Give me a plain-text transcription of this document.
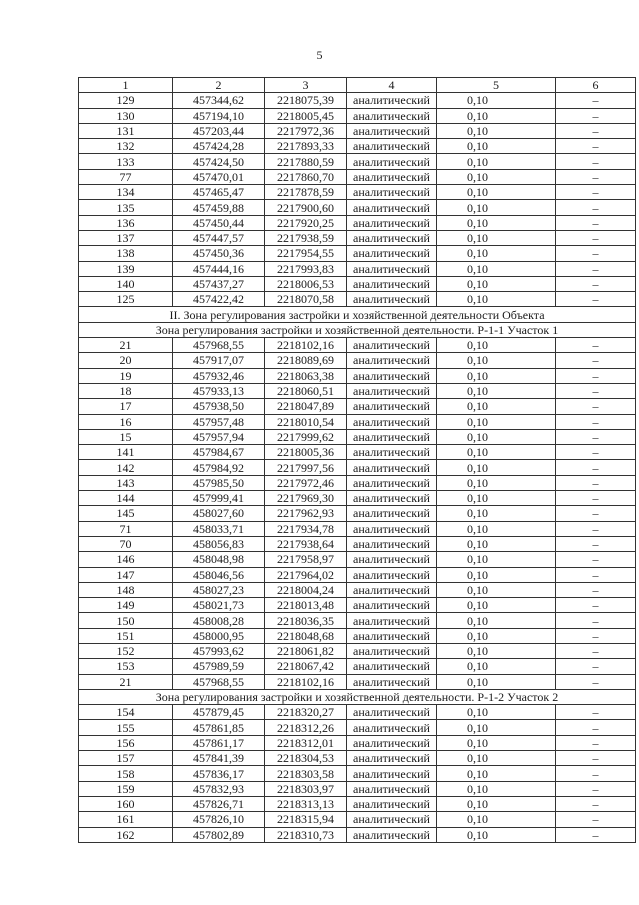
5
1	2	3	4	5	6
129	457344,62	2218075,39	аналитический	0,10	–
130	457194,10	2218005,45	аналитический	0,10	–
131	457203,44	2217972,36	аналитический	0,10	–
132	457424,28	2217893,33	аналитический	0,10	–
133	457424,50	2217880,59	аналитический	0,10	–
77	457470,01	2217860,70	аналитический	0,10	–
134	457465,47	2217878,59	аналитический	0,10	–
135	457459,88	2217900,60	аналитический	0,10	–
136	457450,44	2217920,25	аналитический	0,10	–
137	457447,57	2217938,59	аналитический	0,10	–
138	457450,36	2217954,55	аналитический	0,10	–
139	457444,16	2217993,83	аналитический	0,10	–
140	457437,27	2218006,53	аналитический	0,10	–
125	457422,42	2218070,58	аналитический	0,10	–
II. Зона регулирования застройки и хозяйственной деятельности Объекта					
Зона регулирования застройки и хозяйственной деятельности. Р-1-1 Участок 1					
21	457968,55	2218102,16	аналитический	0,10	–
20	457917,07	2218089,69	аналитический	0,10	–
19	457932,46	2218063,38	аналитический	0,10	–
18	457933,13	2218060,51	аналитический	0,10	–
17	457938,50	2218047,89	аналитический	0,10	–
16	457957,48	2218010,54	аналитический	0,10	–
15	457957,94	2217999,62	аналитический	0,10	–
141	457984,67	2218005,36	аналитический	0,10	–
142	457984,92	2217997,56	аналитический	0,10	–
143	457985,50	2217972,46	аналитический	0,10	–
144	457999,41	2217969,30	аналитический	0,10	–
145	458027,60	2217962,93	аналитический	0,10	–
71	458033,71	2217934,78	аналитический	0,10	–
70	458056,83	2217938,64	аналитический	0,10	–
146	458048,98	2217958,97	аналитический	0,10	–
147	458046,56	2217964,02	аналитический	0,10	–
148	458027,23	2218004,24	аналитический	0,10	–
149	458021,73	2218013,48	аналитический	0,10	–
150	458008,28	2218036,35	аналитический	0,10	–
151	458000,95	2218048,68	аналитический	0,10	–
152	457993,62	2218061,82	аналитический	0,10	–
153	457989,59	2218067,42	аналитический	0,10	–
21	457968,55	2218102,16	аналитический	0,10	–
Зона регулирования застройки и хозяйственной деятельности. Р-1-2 Участок 2					
154	457879,45	2218320,27	аналитический	0,10	–
155	457861,85	2218312,26	аналитический	0,10	–
156	457861,17	2218312,01	аналитический	0,10	–
157	457841,39	2218304,53	аналитический	0,10	–
158	457836,17	2218303,58	аналитический	0,10	–
159	457832,93	2218303,97	аналитический	0,10	–
160	457826,71	2218313,13	аналитический	0,10	–
161	457826,10	2218315,94	аналитический	0,10	–
162	457802,89	2218310,73	аналитический	0,10	–
